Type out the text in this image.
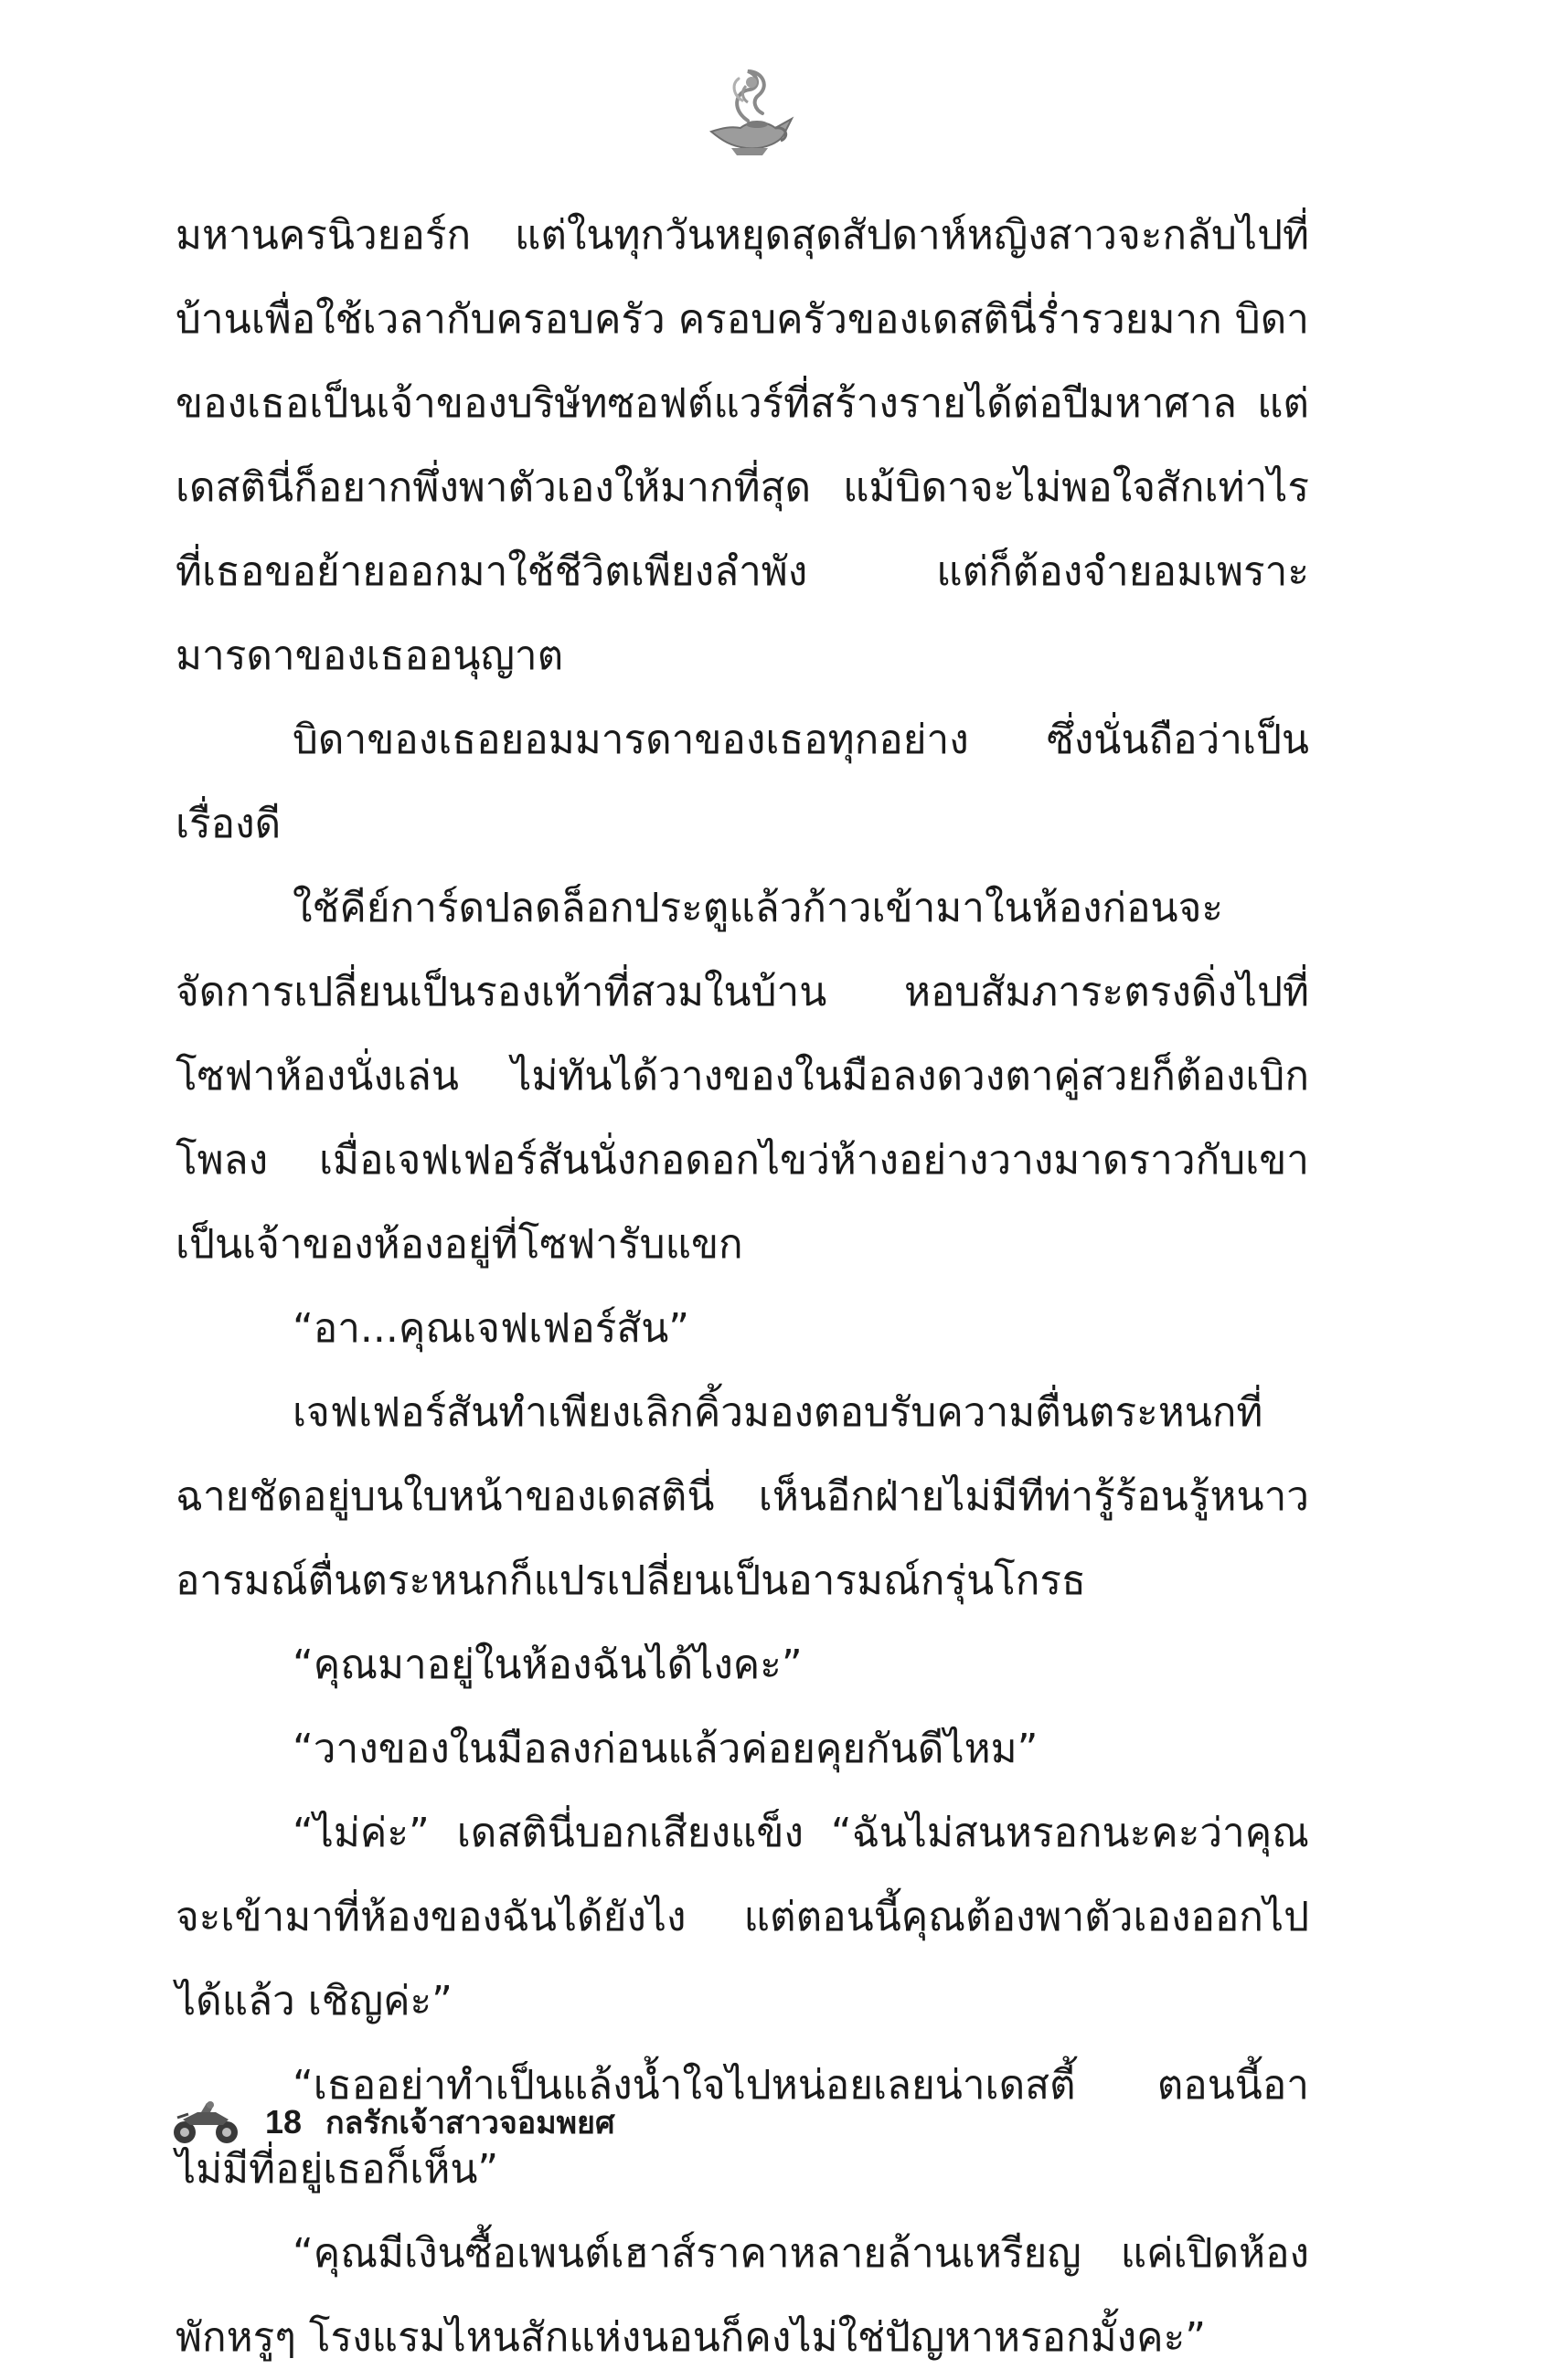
มหานครนิวยอร์ก แต่ในทุกวันหยุดสุดสัปดาห์หญิงสาวจะกลับไปที่บ้านเพื่อใช้เวลากับครอบครัว ครอบครัวของเดสตินี่ร่ำรวยมาก บิดาของเธอเป็นเจ้าของบริษัทซอฟต์แวร์ที่สร้างรายได้ต่อปีมหาศาล แต่เดสตินี่ก็อยากพึ่งพาตัวเองให้มากที่สุด แม้บิดาจะไม่พอใจสักเท่าไรที่เธอขอย้ายออกมาใช้ชีวิตเพียงลำพัง แต่ก็ต้องจำยอมเพราะมารดาของเธออนุญาต

บิดาของเธอยอมมารดาของเธอทุกอย่าง ซึ่งนั่นถือว่าเป็นเรื่องดี

ใช้คีย์การ์ดปลดล็อกประตูแล้วก้าวเข้ามาในห้องก่อนจะจัดการเปลี่ยนเป็นรองเท้าที่สวมในบ้าน หอบสัมภาระตรงดิ่งไปที่โซฟาห้องนั่งเล่น ไม่ทันได้วางของในมือลงดวงตาคู่สวยก็ต้องเบิกโพลง เมื่อเจฟเฟอร์สันนั่งกอดอกไขว่ห้างอย่างวางมาดราวกับเขาเป็นเจ้าของห้องอยู่ที่โซฟารับแขก

“อา...คุณเจฟเฟอร์สัน”

เจฟเฟอร์สันทำเพียงเลิกคิ้วมองตอบรับความตื่นตระหนกที่ฉายชัดอยู่บนใบหน้าของเดสตินี่ เห็นอีกฝ่ายไม่มีทีท่ารู้ร้อนรู้หนาวอารมณ์ตื่นตระหนกก็แปรเปลี่ยนเป็นอารมณ์กรุ่นโกรธ

“คุณมาอยู่ในห้องฉันได้ไงคะ”

“วางของในมือลงก่อนแล้วค่อยคุยกันดีไหม”

“ไม่ค่ะ” เดสตินี่บอกเสียงแข็ง “ฉันไม่สนหรอกนะคะว่าคุณจะเข้ามาที่ห้องของฉันได้ยังไง แต่ตอนนี้คุณต้องพาตัวเองออกไปได้แล้ว เชิญค่ะ”

“เธออย่าทำเป็นแล้งน้ำใจไปหน่อยเลยน่าเดสตี้ ตอนนี้อาไม่มีที่อยู่เธอก็เห็น”

“คุณมีเงินซื้อเพนต์เฮาส์ราคาหลายล้านเหรียญ แค่เปิดห้องพักหรูๆ โรงแรมไหนสักแห่งนอนก็คงไม่ใช่ปัญหาหรอกมั้งคะ”

18 กลรักเจ้าสาวจอมพยศ
